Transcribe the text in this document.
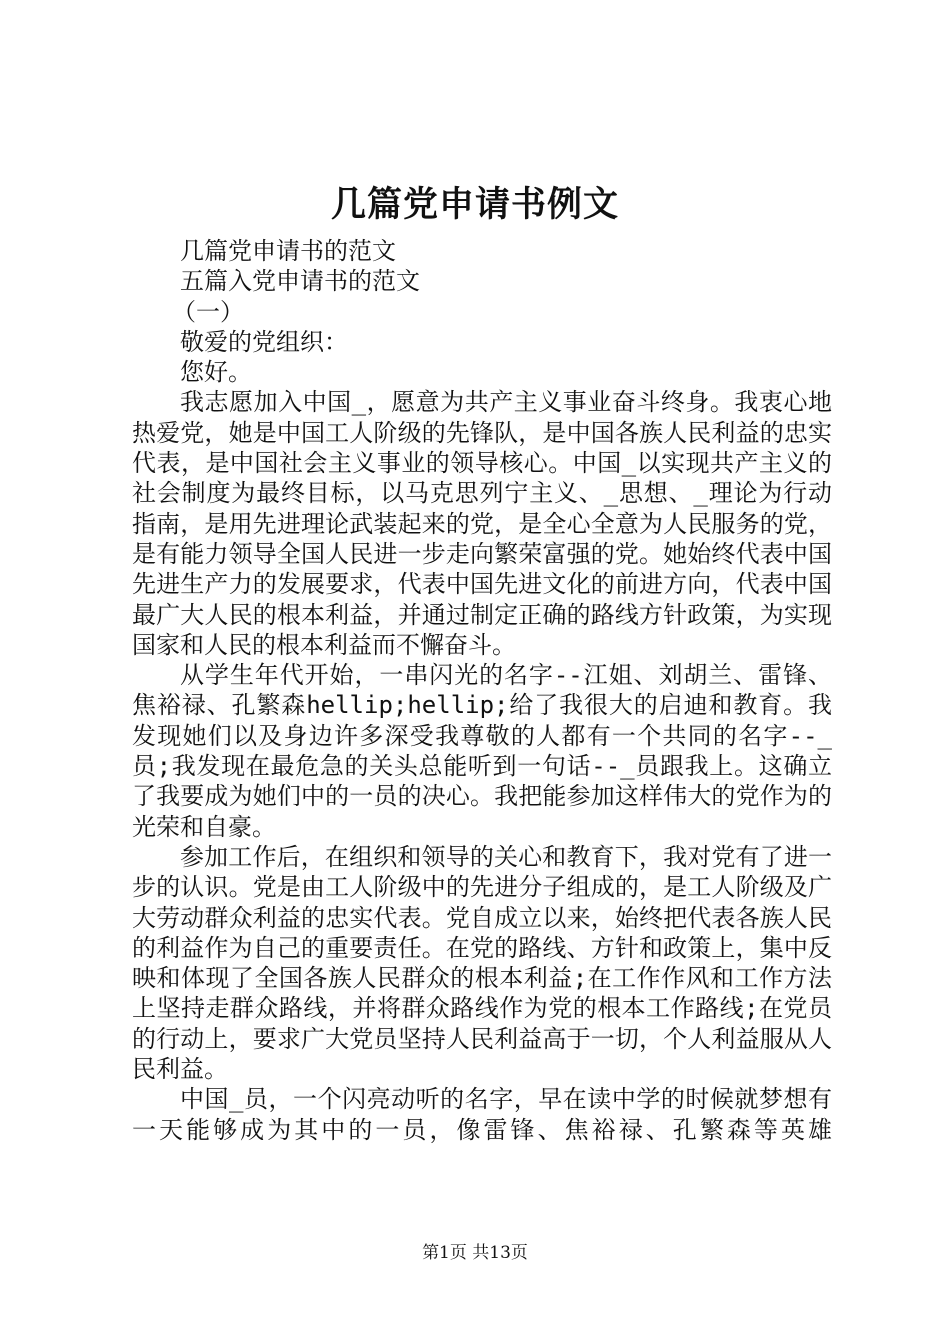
几篇党申请书例文

几篇党申请书的范文

五篇入党申请书的范文

（一）

敬爱的党组织：

您好。

我志愿加入中国_，愿意为共产主义事业奋斗终身。我衷心地热爱党，她是中国工人阶级的先锋队，是中国各族人民利益的忠实代表，是中国社会主义事业的领导核心。中国_以实现共产主义的社会制度为最终目标，以马克思列宁主义、_思想、_理论为行动指南，是用先进理论武装起来的党，是全心全意为人民服务的党，是有能力领导全国人民进一步走向繁荣富强的党。她始终代表中国先进生产力的发展要求，代表中国先进文化的前进方向，代表中国最广大人民的根本利益，并通过制定正确的路线方针政策，为实现国家和人民的根本利益而不懈奋斗。

从学生年代开始，一串闪光的名字--江姐、刘胡兰、雷锋、焦裕禄、孔繁森hellip;hellip;给了我很大的启迪和教育。我发现她们以及身边许多深受我尊敬的人都有一个共同的名字--_员;我发现在最危急的关头总能听到一句话--_员跟我上。这确立了我要成为她们中的一员的决心。我把能参加这样伟大的党作为的光荣和自豪。

参加工作后，在组织和领导的关心和教育下，我对党有了进一步的认识。党是由工人阶级中的先进分子组成的，是工人阶级及广大劳动群众利益的忠实代表。党自成立以来，始终把代表各族人民的利益作为自己的重要责任。在党的路线、方针和政策上，集中反映和体现了全国各族人民群众的根本利益;在工作作风和工作方法上坚持走群众路线，并将群众路线作为党的根本工作路线;在党员的行动上，要求广大党员坚持人民利益高于一切，个人利益服从人民利益。

中国_员，一个闪亮动听的名字，早在读中学的时候就梦想有一天能够成为其中的一员，像雷锋、焦裕禄、孔繁森等英雄

第1页 共13页
